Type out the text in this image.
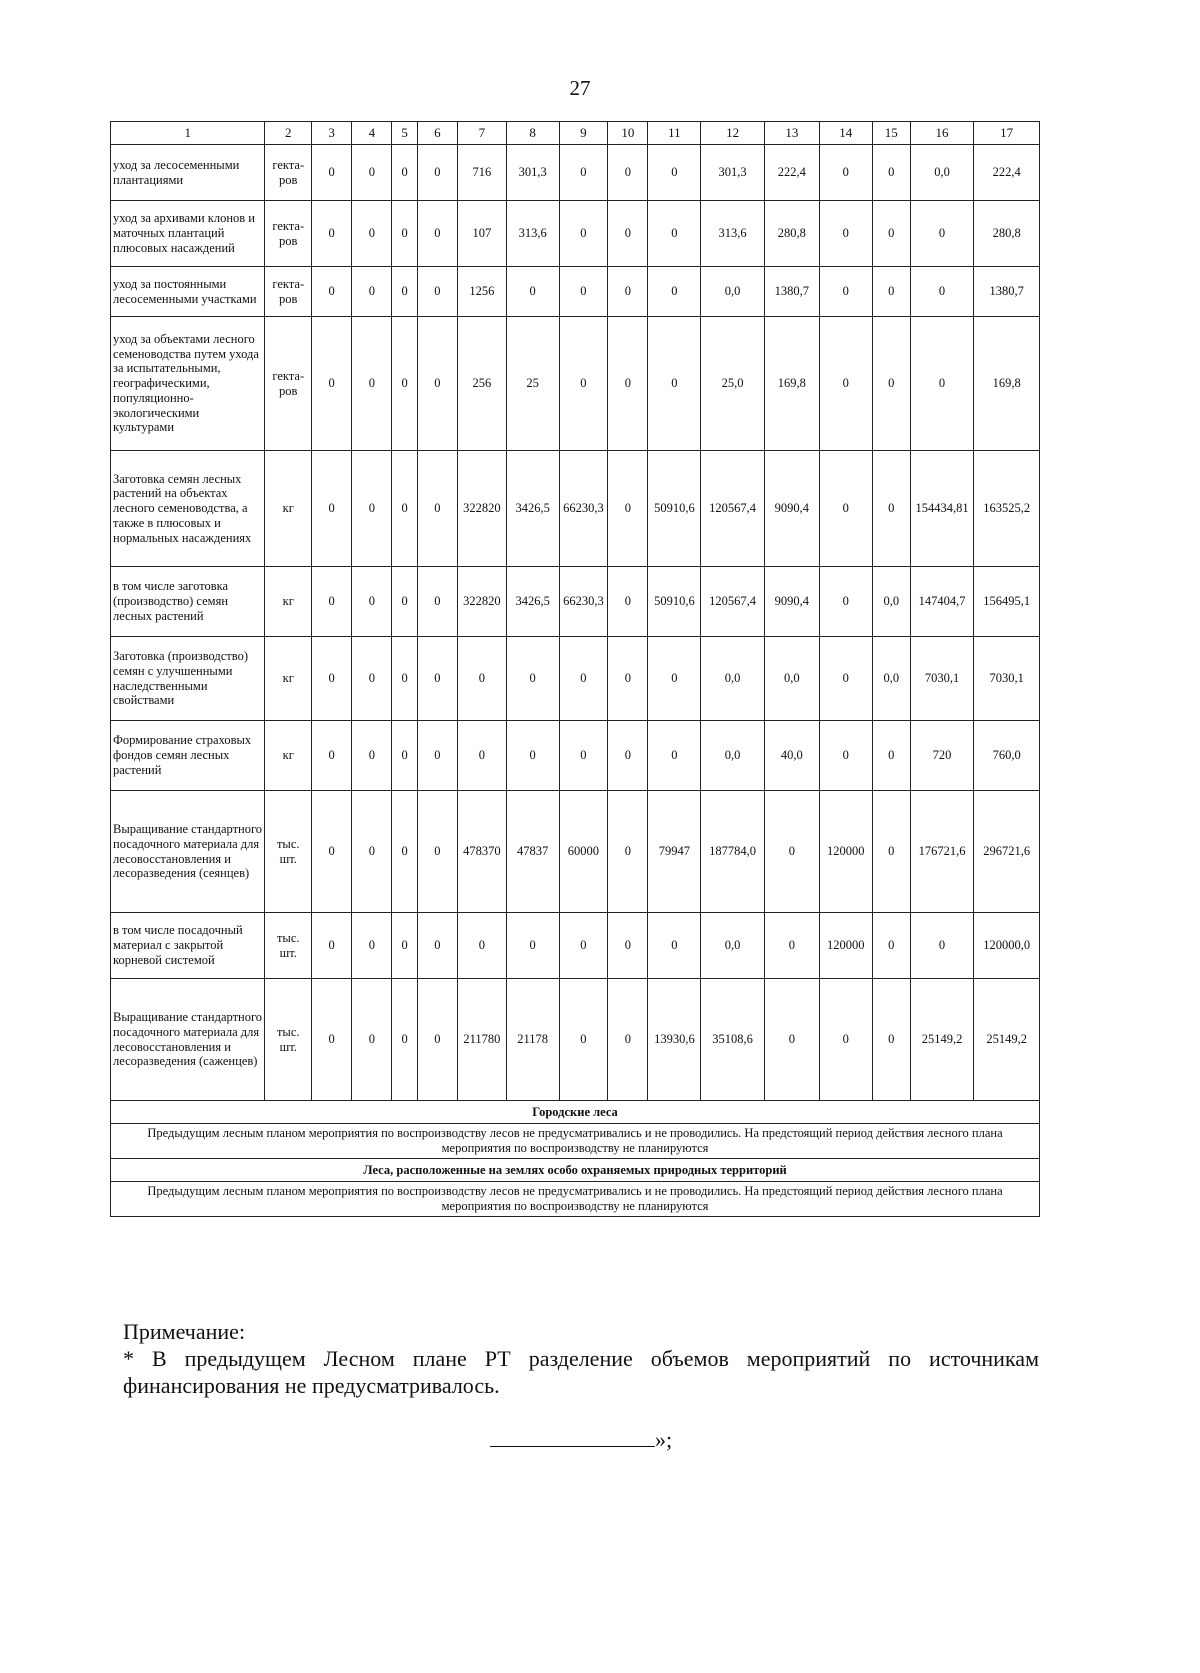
27
1	2	3	4	5	6	7	8	9	10	11	12	13	14	15	16	17
уход за лесосеменными плантациями	гекта-ров	0	0	0	0	716	301,3	0	0	0	301,3	222,4	0	0	0,0	222,4
уход за архивами клонов и маточных плантаций плюсовых насаждений	гекта-ров	0	0	0	0	107	313,6	0	0	0	313,6	280,8	0	0	0	280,8
уход за постоянными лесосеменными участками	гекта-ров	0	0	0	0	1256	0	0	0	0	0,0	1380,7	0	0	0	1380,7
уход за объектами лесного семеноводства путем ухода за испытательными, географическими, популяционно-экологическими культурами	гекта-ров	0	0	0	0	256	25	0	0	0	25,0	169,8	0	0	0	169,8
Заготовка семян лесных растений на объектах лесного семеноводства, а также в плюсовых и нормальных насаждениях	кг	0	0	0	0	322820	3426,5	66230,3	0	50910,6	120567,4	9090,4	0	0	154434,81	163525,2
в том числе заготовка (производство) семян лесных растений	кг	0	0	0	0	322820	3426,5	66230,3	0	50910,6	120567,4	9090,4	0	0,0	147404,7	156495,1
Заготовка (производство) семян с улучшенными наследственными свойствами	кг	0	0	0	0	0	0	0	0	0	0,0	0,0	0	0,0	7030,1	7030,1
Формирование страховых фондов семян лесных растений	кг	0	0	0	0	0	0	0	0	0	0,0	40,0	0	0	720	760,0
Выращивание стандартного посадочного материала для лесовосстановления и лесоразведения (сеянцев)	тыс. шт.	0	0	0	0	478370	47837	60000	0	79947	187784,0	0	120000	0	176721,6	296721,6
в том числе посадочный материал с закрытой корневой системой	тыс. шт.	0	0	0	0	0	0	0	0	0	0,0	0	120000	0	0	120000,0
Выращивание стандартного посадочного материала для лесовосстановления и лесоразведения (саженцев)	тыс. шт.	0	0	0	0	211780	21178	0	0	13930,6	35108,6	0	0	0	25149,2	25149,2
Городские леса																
Предыдущим лесным планом мероприятия по воспроизводству лесов не предусматривались и не проводились. На предстоящий период действия лесного плана мероприятия по воспроизводству не планируются																
Леса, расположенные на землях особо охраняемых природных территорий																
Предыдущим лесным планом мероприятия по воспроизводству лесов не предусматривались и не проводились. На предстоящий период действия лесного плана мероприятия по воспроизводству не планируются																
Примечание:
* В предыдущем Лесном плане РТ разделение объемов мероприятий по источникам финансирования не предусматривалось.
»;
